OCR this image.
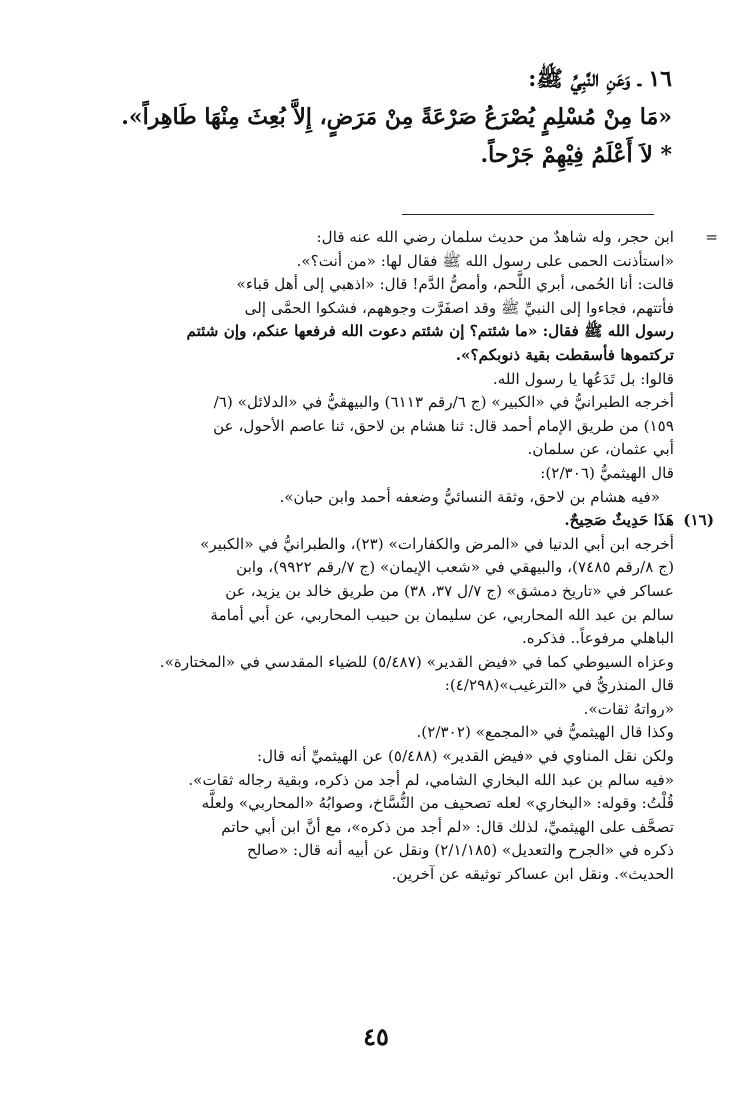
١٦ ـ وَعَنِ النَّبِيِّ ﷺ:
«مَا مِنْ مُسْلِمٍ يُصْرَعُ صَرْعَةً مِنْ مَرَضٍ، إِلاَّ بُعِثَ مِنْهَا طَاهِراً».
* لاَ أَعْلَمُ فِيْهِمْ جَرْحاً.
=
ابن حجر، وله شاهدٌ من حديث سلمان رضي الله عنه قال:
«استأذنت الحمى على رسول الله ﷺ فقال لها: «من أنت؟».
قالت: أنا الحُمى، أبري اللَّحم، وأمصُّ الدَّم! قال: «اذهبي إلى أهل قباء»
فأتتهم، فجاءوا إلى النبيِّ ﷺ وقد اصفَرَّت وجوههم، فشكوا الحمَّى إلى
رسول الله ﷺ فقال: «ما شئتم؟ إن شئتم دعوت الله فرفعها عنكم، وإن شئتم
تركتموها فأسقطت بقية ذنوبكم؟».
قالوا: بل تَدَعُها يا رسول الله.
أخرجه الطبرانيُّ في «الكبير» (ج ٦/رقم ٦١١٣) والبيهقيُّ في «الدلائل» (٦/
١٥٩) من طريق الإمام أحمد قال: ثنا هشام بن لاحق، ثنا عاصم الأحول، عن
أبي عثمان، عن سلمان.
قال الهيثميُّ (٢/٣٠٦):
«فيه هشام بن لاحق، وثقة النسائيُّ وضعفه أحمد وابن حبان».
(١٦)
هَذَا حَدِيثٌ صَحِيحٌ.
أخرجه ابن أبي الدنيا في «المرض والكفارات» (٢٣)، والطبرانيُّ في «الكبير»
(ج ٨/رقم ٧٤٨٥)، والبيهقي في «شعب الإيمان» (ج ٧/رقم ٩٩٢٢)، وابن
عساكر في «تاريخ دمشق» (ج ٧/ل ٣٧، ٣٨) من طريق خالد بن يزيد، عن
سالم بن عبد الله المحاربي، عن سليمان بن حبيب المحاربي، عن أبي أمامة
الباهلي مرفوعاً.. فذكره.
وعزاه السيوطي كما في «فيض القدير» (٥/٤٨٧) للضياء المقدسي في «المختارة».
قال المنذريُّ في «الترغيب»(٤/٢٩٨):
«رواتهُ ثقات».
وكذا قال الهيثميُّ في «المجمع» (٢/٣٠٢).
ولكن نقل المناوي في «فيض القدير» (٥/٤٨٨) عن الهيثميِّ أنه قال:
«فيه سالم بن عبد الله البخاري الشامي، لم أجد من ذكره، وبقية رجاله ثقات».
قُلْتُ: وقوله: «البخاري» لعله تصحيف من النُّسَّاخ، وصوابُهُ «المحاربي» ولعلَّه
تصحَّف على الهيثميِّ، لذلك قال: «لم أجد من ذكره»، مع أنَّ ابن أبي حاتم
ذكره في «الجرح والتعديل» (٢/١/١٨٥) ونقل عن أبيه أنه قال: «صالح
الحديث». ونقل ابن عساكر توثيقه عن آخرين.
٤٥
